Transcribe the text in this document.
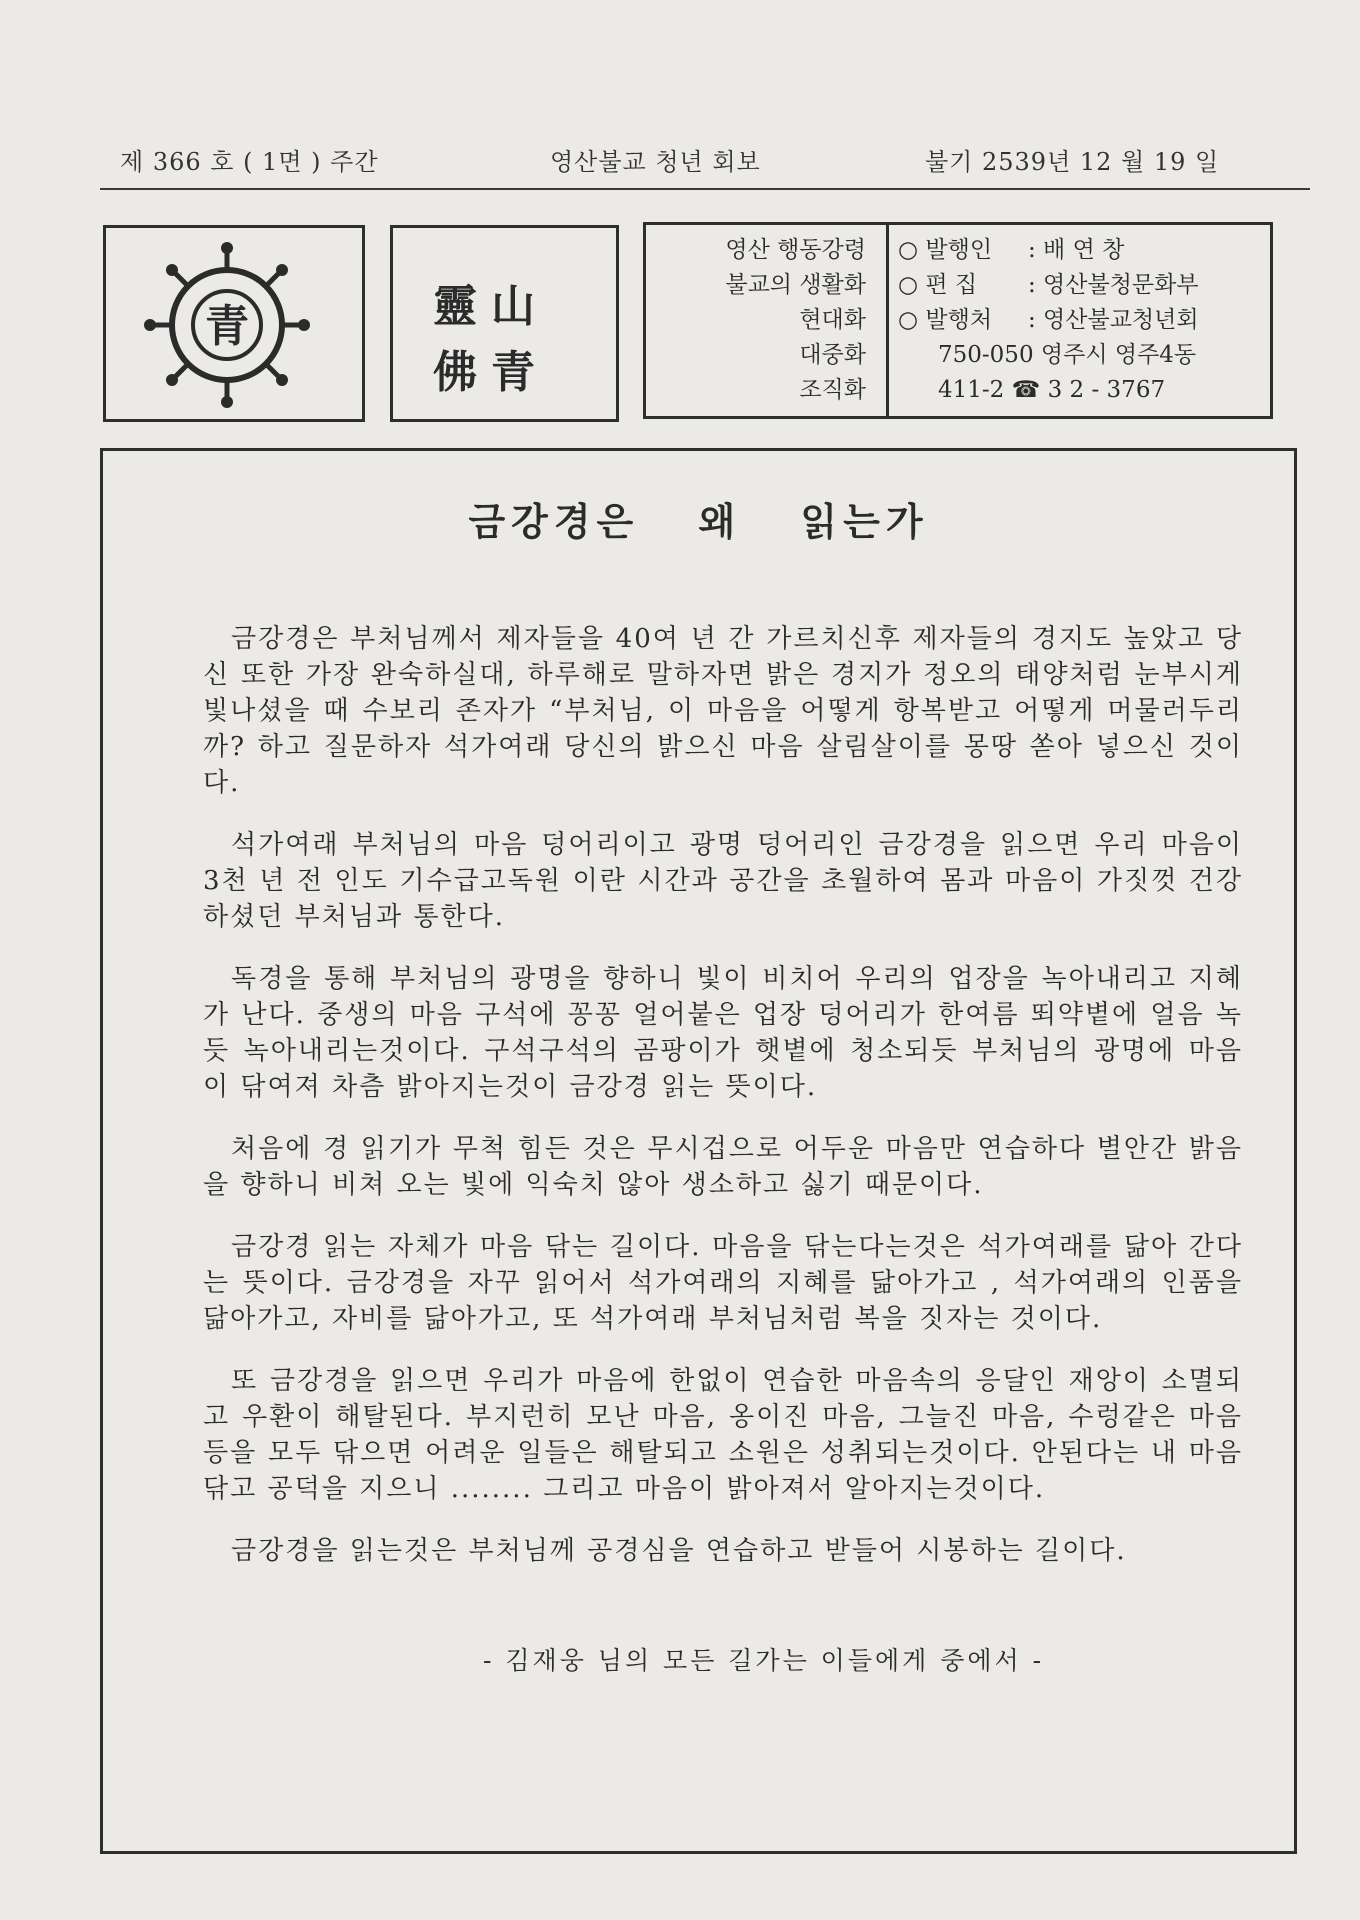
제 366 호 ( 1면 ) 주간	영산불교 청년 회보	불기 2539년 12 월 19 일
青	靈山
佛青
영산 행동강령
불교의 생활화
현대화
대중화
조직화
○ 발행인	: 배 연 창
○ 편 집	: 영산불청문화부
○ 발행처	: 영산불교청년회
750-050 영주시 영주4동
411-2 ☎ 3 2 - 3767
금강경은 왜 읽는가

금강경은 부처님께서 제자들을 40여 년 간 가르치신후 제자들의 경지도 높았고 당신 또한 가장 완숙하실대, 하루해로 말하자면 밝은 경지가 정오의 태양처럼 눈부시게 빛나셨을 때 수보리 존자가 “부처님, 이 마음을 어떻게 항복받고 어떻게 머물러두리까? 하고 질문하자 석가여래 당신의 밝으신 마음 살림살이를 몽땅 쏟아 넣으신 것이다.

석가여래 부처님의 마음 덩어리이고 광명 덩어리인 금강경을 읽으면 우리 마음이 3천 년 전 인도 기수급고독원 이란 시간과 공간을 초월하여 몸과 마음이 가짓껏 건강하셨던 부처님과 통한다.

독경을 통해 부처님의 광명을 향하니 빛이 비치어 우리의 업장을 녹아내리고 지혜가 난다. 중생의 마음 구석에 꽁꽁 얼어붙은 업장 덩어리가 한여름 뙤약볕에 얼음 녹듯 녹아내리는것이다. 구석구석의 곰팡이가 햇볕에 청소되듯 부처님의 광명에 마음이 닦여져 차츰 밝아지는것이 금강경 읽는 뜻이다.

처음에 경 읽기가 무척 힘든 것은 무시겁으로 어두운 마음만 연습하다 별안간 밝음을 향하니 비쳐 오는 빛에 익숙치 않아 생소하고 싫기 때문이다.

금강경 읽는 자체가 마음 닦는 길이다. 마음을 닦는다는것은 석가여래를 닮아 간다는 뜻이다. 금강경을 자꾸 읽어서 석가여래의 지혜를 닮아가고 , 석가여래의 인품을 닮아가고, 자비를 닮아가고, 또 석가여래 부처님처럼 복을 짓자는 것이다.

또 금강경을 읽으면 우리가 마음에 한없이 연습한 마음속의 응달인 재앙이 소멸되고 우환이 해탈된다. 부지런히 모난 마음, 옹이진 마음, 그늘진 마음, 수렁같은 마음 등을 모두 닦으면 어려운 일들은 해탈되고 소원은 성취되는것이다. 안된다는 내 마음 닦고 공덕을 지으니 ........ 그리고 마음이 밝아져서 알아지는것이다.

금강경을 읽는것은 부처님께 공경심을 연습하고 받들어 시봉하는 길이다.

- 김재웅 님의 모든 길가는 이들에게 중에서 -
